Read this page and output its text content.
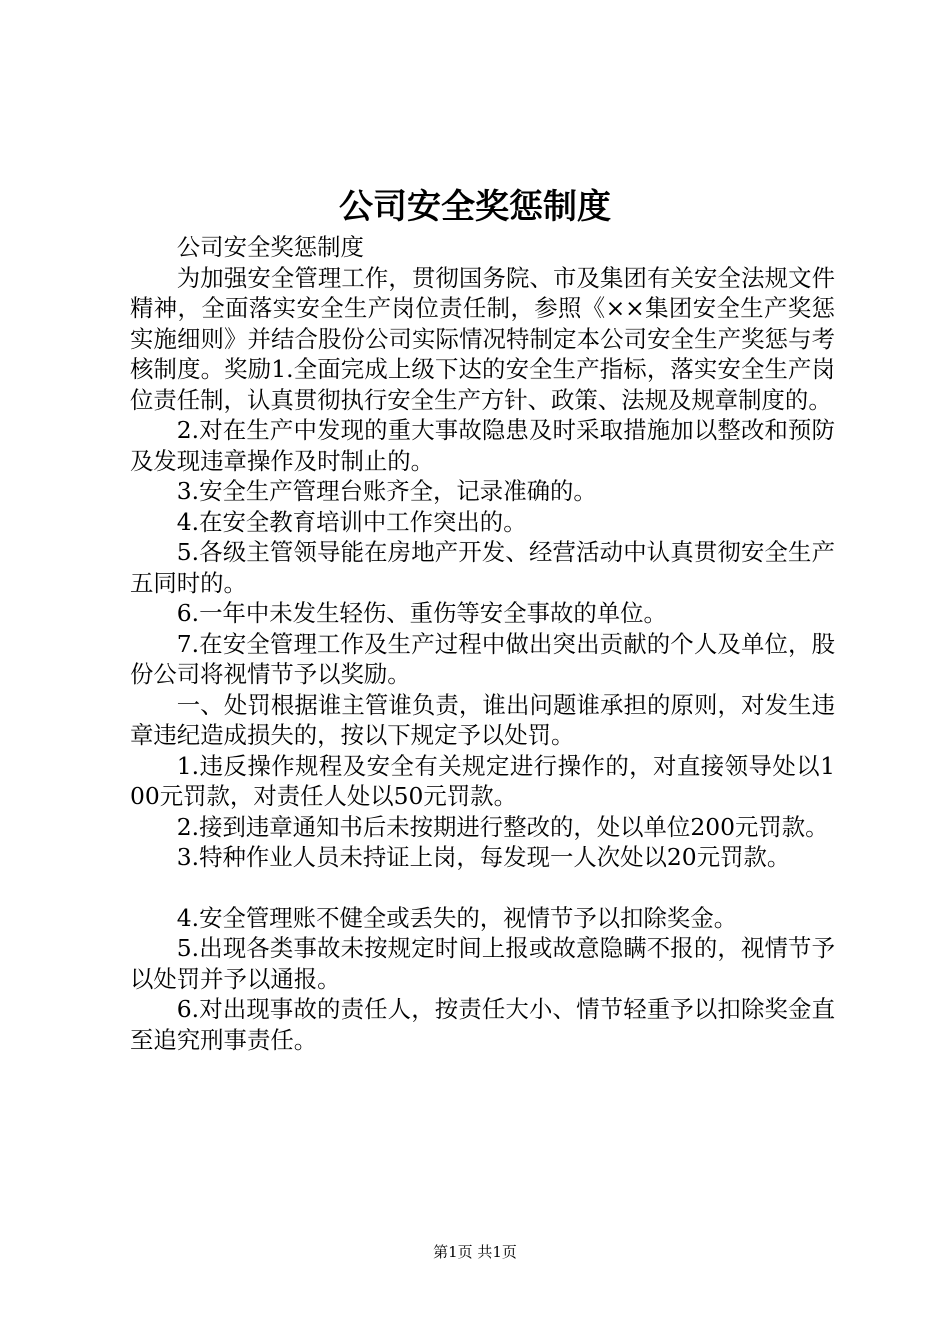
公司安全奖惩制度

公司安全奖惩制度

为加强安全管理工作，贯彻国务院、市及集团有关安全法规文件精神，全面落实安全生产岗位责任制，参照《××集团安全生产奖惩实施细则》并结合股份公司实际情况特制定本公司安全生产奖惩与考核制度。奖励1.全面完成上级下达的安全生产指标，落实安全生产岗位责任制，认真贯彻执行安全生产方针、政策、法规及规章制度的。

2.对在生产中发现的重大事故隐患及时采取措施加以整改和预防及发现违章操作及时制止的。

3.安全生产管理台账齐全，记录准确的。

4.在安全教育培训中工作突出的。

5.各级主管领导能在房地产开发、经营活动中认真贯彻安全生产五同时的。

6.一年中未发生轻伤、重伤等安全事故的单位。

7.在安全管理工作及生产过程中做出突出贡献的个人及单位，股份公司将视情节予以奖励。

一、处罚根据谁主管谁负责，谁出问题谁承担的原则，对发生违章违纪造成损失的，按以下规定予以处罚。

1.违反操作规程及安全有关规定进行操作的，对直接领导处以100元罚款，对责任人处以50元罚款。

2.接到违章通知书后未按期进行整改的，处以单位200元罚款。

3.特种作业人员未持证上岗，每发现一人次处以20元罚款。

4.安全管理账不健全或丢失的，视情节予以扣除奖金。

5.出现各类事故未按规定时间上报或故意隐瞒不报的，视情节予以处罚并予以通报。

6.对出现事故的责任人，按责任大小、情节轻重予以扣除奖金直至追究刑事责任。

第1页 共1页
